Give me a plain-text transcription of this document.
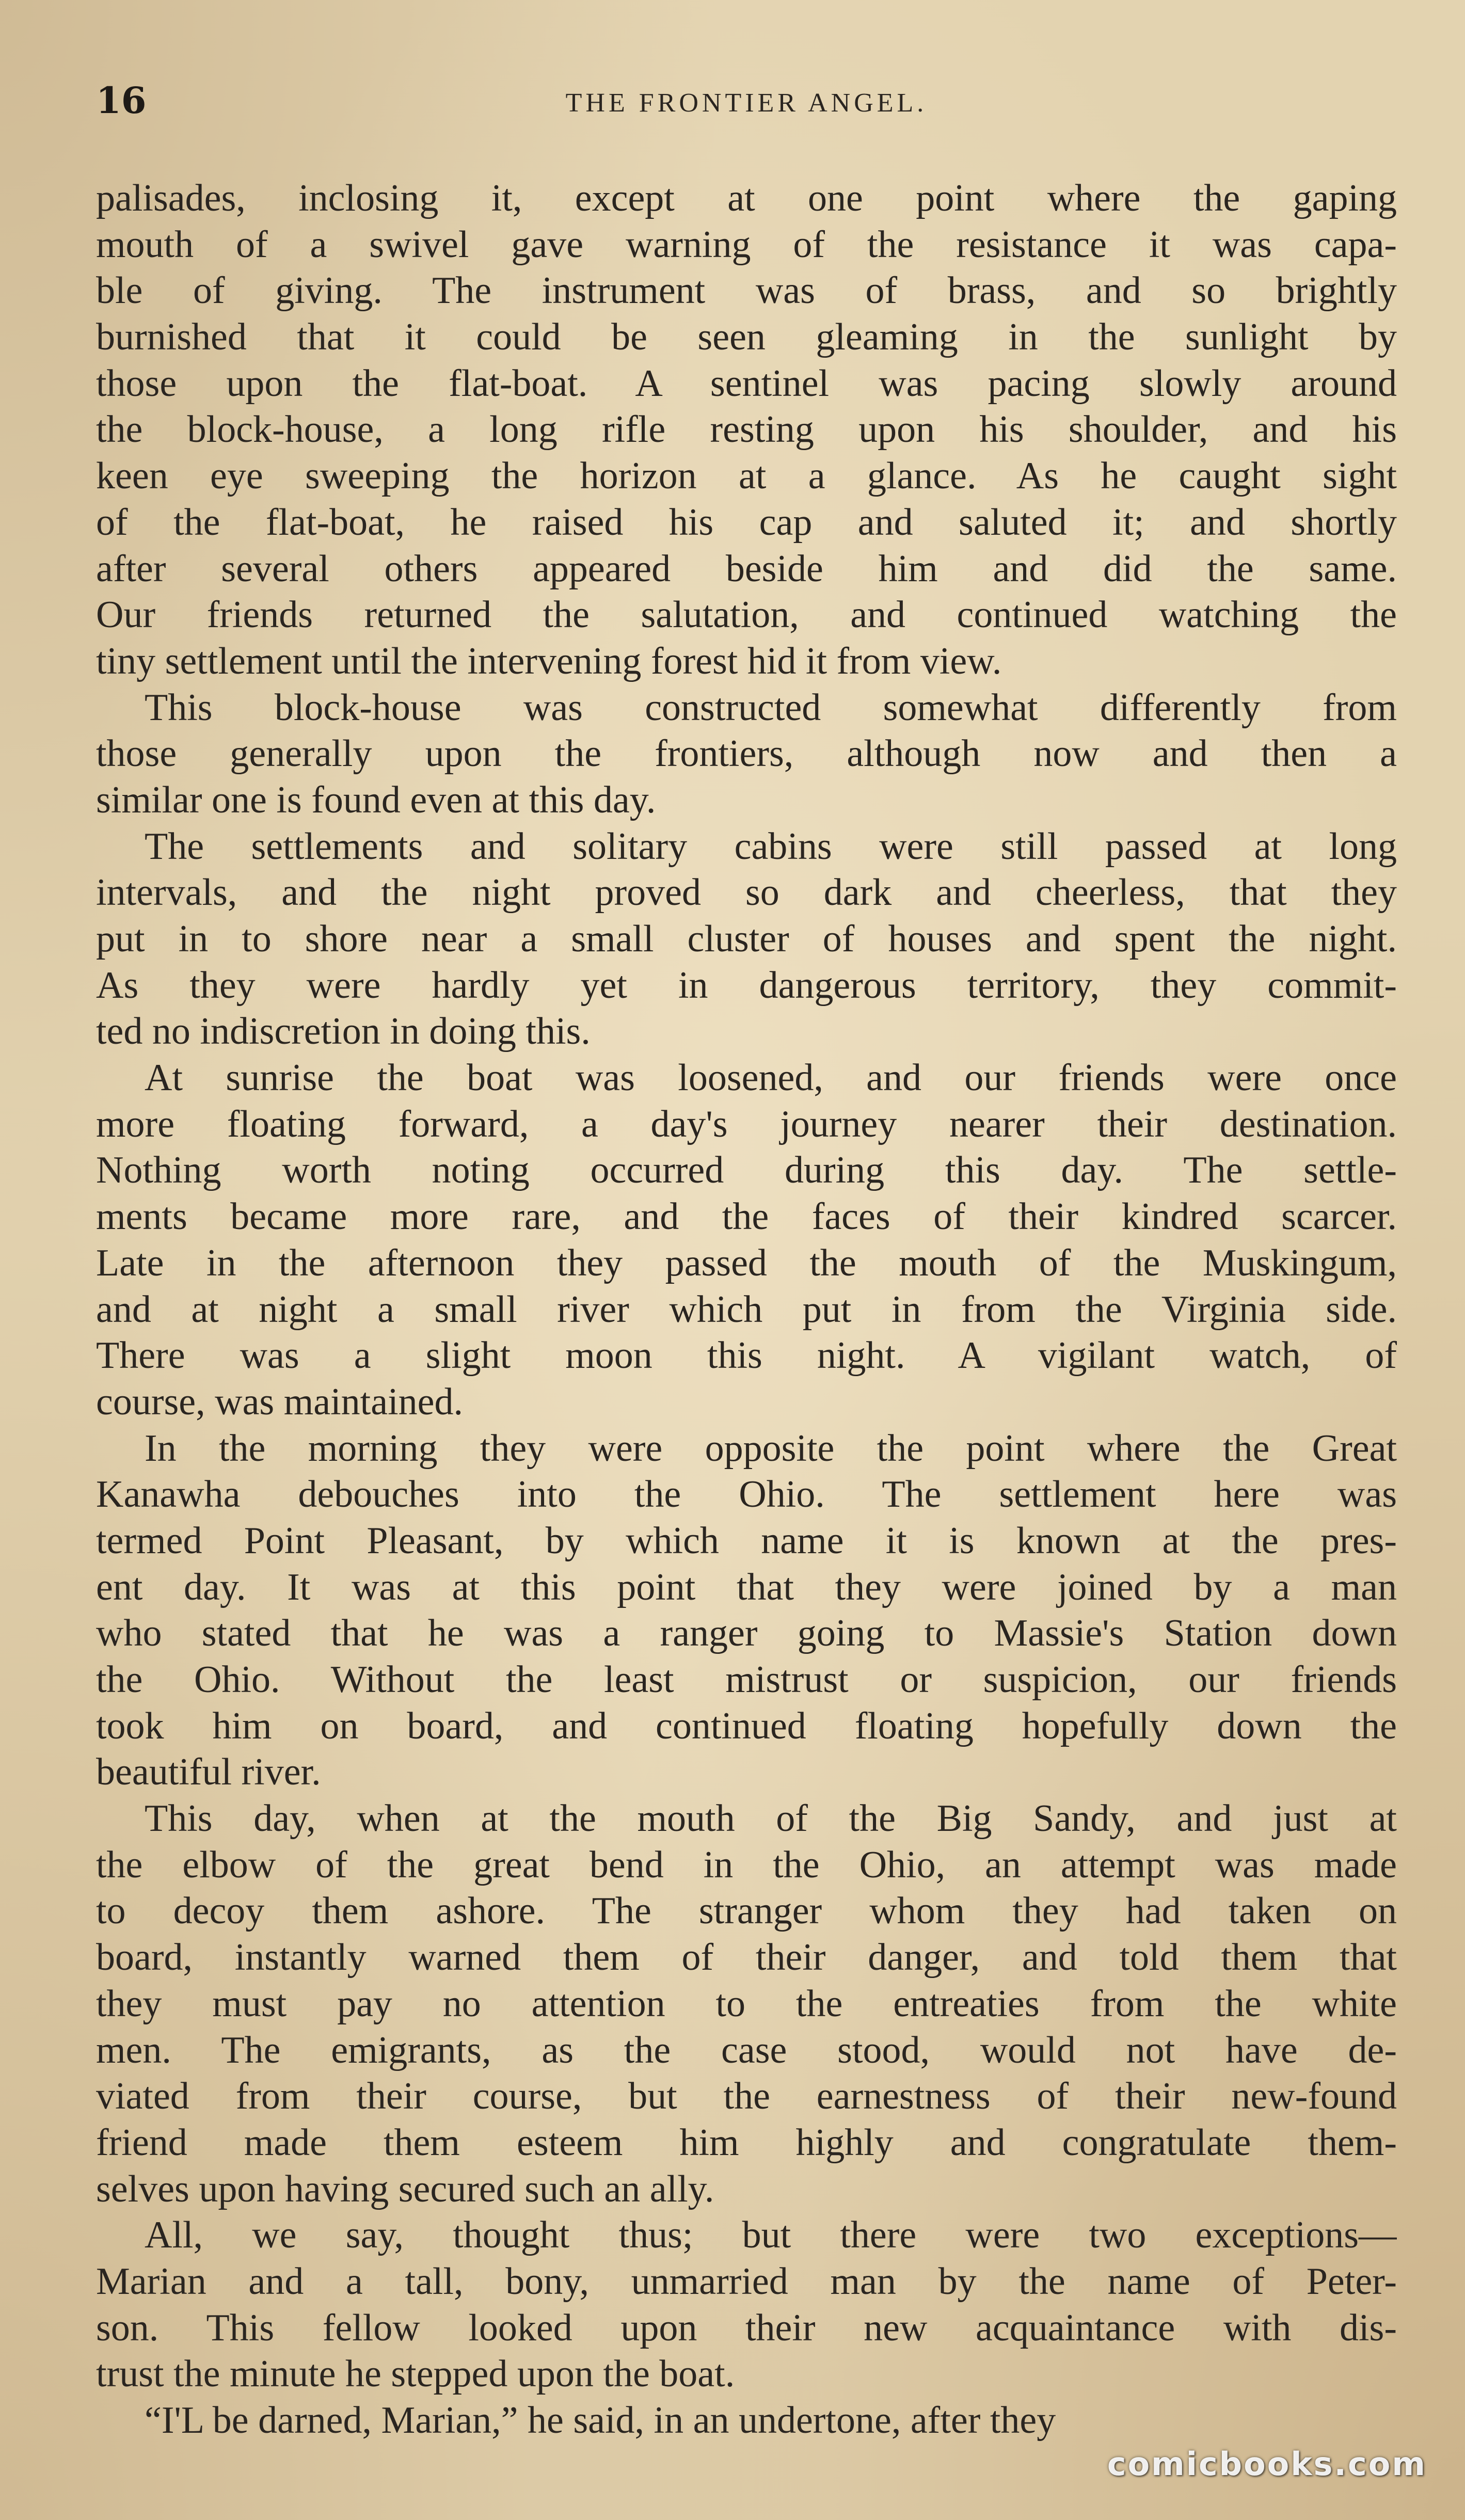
16	THE FRONTIER ANGEL.
palisades, inclosing it, except at one point where the gaping
mouth of a swivel gave warning of the resistance it was capa-
ble of giving. The instrument was of brass, and so brightly
burnished that it could be seen gleaming in the sunlight by
those upon the flat-boat. A sentinel was pacing slowly around
the block-house, a long rifle resting upon his shoulder, and his
keen eye sweeping the horizon at a glance. As he caught sight
of the flat-boat, he raised his cap and saluted it; and shortly
after several others appeared beside him and did the same.
Our friends returned the salutation, and continued watching the
tiny settlement until the intervening forest hid it from view.
This block-house was constructed somewhat differently from
those generally upon the frontiers, although now and then a
similar one is found even at this day.
The settlements and solitary cabins were still passed at long
intervals, and the night proved so dark and cheerless, that they
put in to shore near a small cluster of houses and spent the night.
As they were hardly yet in dangerous territory, they commit-
ted no indiscretion in doing this.
At sunrise the boat was loosened, and our friends were once
more floating forward, a day's journey nearer their destination.
Nothing worth noting occurred during this day. The settle-
ments became more rare, and the faces of their kindred scarcer.
Late in the afternoon they passed the mouth of the Muskingum,
and at night a small river which put in from the Virginia side.
There was a slight moon this night. A vigilant watch, of
course, was maintained.
In the morning they were opposite the point where the Great
Kanawha debouches into the Ohio. The settlement here was
termed Point Pleasant, by which name it is known at the pres-
ent day. It was at this point that they were joined by a man
who stated that he was a ranger going to Massie's Station down
the Ohio. Without the least mistrust or suspicion, our friends
took him on board, and continued floating hopefully down the
beautiful river.
This day, when at the mouth of the Big Sandy, and just at
the elbow of the great bend in the Ohio, an attempt was made
to decoy them ashore. The stranger whom they had taken on
board, instantly warned them of their danger, and told them that
they must pay no attention to the entreaties from the white
men. The emigrants, as the case stood, would not have de-
viated from their course, but the earnestness of their new-found
friend made them esteem him highly and congratulate them-
selves upon having secured such an ally.
All, we say, thought thus; but there were two exceptions—
Marian and a tall, bony, unmarried man by the name of Peter-
son. This fellow looked upon their new acquaintance with dis-
trust the minute he stepped upon the boat.
“I'L be darned, Marian,” he said, in an undertone, after they
comicbooks.com
